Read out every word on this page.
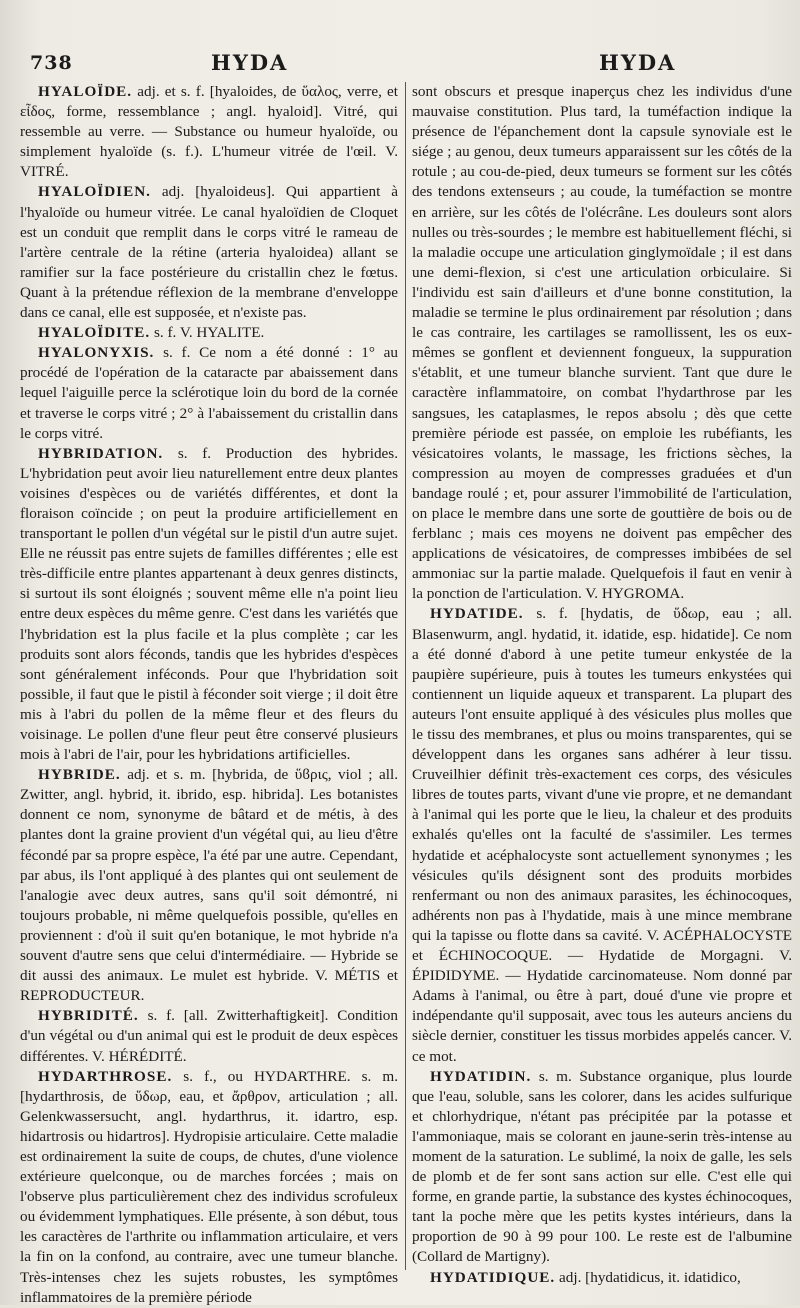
738	HYDA	HYDA

HYALOÏDE. adj. et s. f. [hyaloides, de ὕαλος, verre, et εἶδος, forme, ressemblance ; angl. hyaloid]. Vitré, qui ressemble au verre. — Substance ou humeur hyaloïde, ou simplement hyaloïde (s. f.). L'humeur vitrée de l'œil. V. VITRÉ.

HYALOÏDIEN. adj. [hyaloideus]. Qui appartient à l'hyaloïde ou humeur vitrée. Le canal hyaloïdien de Cloquet est un conduit que remplit dans le corps vitré le rameau de l'artère centrale de la rétine (arteria hyaloidea) allant se ramifier sur la face postérieure du cristallin chez le fœtus. Quant à la prétendue réflexion de la membrane d'enveloppe dans ce canal, elle est supposée, et n'existe pas.

HYALOÏDITE. s. f. V. HYALITE.

HYALONYXIS. s. f. Ce nom a été donné : 1° au procédé de l'opération de la cataracte par abaissement dans lequel l'aiguille perce la sclérotique loin du bord de la cornée et traverse le corps vitré ; 2° à l'abaissement du cristallin dans le corps vitré.

HYBRIDATION. s. f. Production des hybrides. L'hybridation peut avoir lieu naturellement entre deux plantes voisines d'espèces ou de variétés différentes, et dont la floraison coïncide ; on peut la produire artificiellement en transportant le pollen d'un végétal sur le pistil d'un autre sujet. Elle ne réussit pas entre sujets de familles différentes ; elle est très-difficile entre plantes appartenant à deux genres distincts, si surtout ils sont éloignés ; souvent même elle n'a point lieu entre deux espèces du même genre. C'est dans les variétés que l'hybridation est la plus facile et la plus complète ; car les produits sont alors féconds, tandis que les hybrides d'espèces sont généralement inféconds. Pour que l'hybridation soit possible, il faut que le pistil à féconder soit vierge ; il doit être mis à l'abri du pollen de la même fleur et des fleurs du voisinage. Le pollen d'une fleur peut être conservé plusieurs mois à l'abri de l'air, pour les hybridations artificielles.

HYBRIDE. adj. et s. m. [hybrida, de ὕϐρις, viol ; all. Zwitter, angl. hybrid, it. ibrido, esp. hibrida]. Les botanistes donnent ce nom, synonyme de bâtard et de métis, à des plantes dont la graine provient d'un végétal qui, au lieu d'être fécondé par sa propre espèce, l'a été par une autre. Cependant, par abus, ils l'ont appliqué à des plantes qui ont seulement de l'analogie avec deux autres, sans qu'il soit démontré, ni toujours probable, ni même quelquefois possible, qu'elles en proviennent : d'où il suit qu'en botanique, le mot hybride n'a souvent d'autre sens que celui d'intermédiaire. — Hybride se dit aussi des animaux. Le mulet est hybride. V. MÉTIS et REPRODUCTEUR.

HYBRIDITÉ. s. f. [all. Zwitterhaftigkeit]. Condition d'un végétal ou d'un animal qui est le produit de deux espèces différentes. V. HÉRÉDITÉ.

HYDARTHROSE. s. f., ou HYDARTHRE. s. m. [hydarthrosis, de ὕδωρ, eau, et ἄρθρον, articulation ; all. Gelenkwassersucht, angl. hydarthrus, it. idartro, esp. hidartrosis ou hidartros]. Hydropisie articulaire. Cette maladie est ordinairement la suite de coups, de chutes, d'une violence extérieure quelconque, ou de marches forcées ; mais on l'observe plus particulièrement chez des individus scrofuleux ou évidemment lymphatiques. Elle présente, à son début, tous les caractères de l'arthrite ou inflammation articulaire, et vers la fin on la confond, au contraire, avec une tumeur blanche. Très-intenses chez les sujets robustes, les symptômes inflammatoires de la première période

sont obscurs et presque inaperçus chez les individus d'une mauvaise constitution. Plus tard, la tuméfaction indique la présence de l'épanchement dont la capsule synoviale est le siége ; au genou, deux tumeurs apparaissent sur les côtés de la rotule ; au cou-de-pied, deux tumeurs se forment sur les côtés des tendons extenseurs ; au coude, la tuméfaction se montre en arrière, sur les côtés de l'olécrâne. Les douleurs sont alors nulles ou très-sourdes ; le membre est habituellement fléchi, si la maladie occupe une articulation ginglymoïdale ; il est dans une demi-flexion, si c'est une articulation orbiculaire. Si l'individu est sain d'ailleurs et d'une bonne constitution, la maladie se termine le plus ordinairement par résolution ; dans le cas contraire, les cartilages se ramollissent, les os eux-mêmes se gonflent et deviennent fongueux, la suppuration s'établit, et une tumeur blanche survient. Tant que dure le caractère inflammatoire, on combat l'hydarthrose par les sangsues, les cataplasmes, le repos absolu ; dès que cette première période est passée, on emploie les rubéfiants, les vésicatoires volants, le massage, les frictions sèches, la compression au moyen de compresses graduées et d'un bandage roulé ; et, pour assurer l'immobilité de l'articulation, on place le membre dans une sorte de gouttière de bois ou de ferblanc ; mais ces moyens ne doivent pas empêcher des applications de vésicatoires, de compresses imbibées de sel ammoniac sur la partie malade. Quelquefois il faut en venir à la ponction de l'articulation. V. HYGROMA.

HYDATIDE. s. f. [hydatis, de ὕδωρ, eau ; all. Blasenwurm, angl. hydatid, it. idatide, esp. hidatide]. Ce nom a été donné d'abord à une petite tumeur enkystée de la paupière supérieure, puis à toutes les tumeurs enkystées qui contiennent un liquide aqueux et transparent. La plupart des auteurs l'ont ensuite appliqué à des vésicules plus molles que le tissu des membranes, et plus ou moins transparentes, qui se développent dans les organes sans adhérer à leur tissu. Cruveilhier définit très-exactement ces corps, des vésicules libres de toutes parts, vivant d'une vie propre, et ne demandant à l'animal qui les porte que le lieu, la chaleur et des produits exhalés qu'elles ont la faculté de s'assimiler. Les termes hydatide et acéphalocyste sont actuellement synonymes ; les vésicules qu'ils désignent sont des produits morbides renfermant ou non des animaux parasites, les échinocoques, adhérents non pas à l'hydatide, mais à une mince membrane qui la tapisse ou flotte dans sa cavité. V. ACÉPHALOCYSTE et ÉCHINOCOQUE. — Hydatide de Morgagni. V. ÉPIDIDYME. — Hydatide carcinomateuse. Nom donné par Adams à l'animal, ou être à part, doué d'une vie propre et indépendante qu'il supposait, avec tous les auteurs anciens du siècle dernier, constituer les tissus morbides appelés cancer. V. ce mot.

HYDATIDIN. s. m. Substance organique, plus lourde que l'eau, soluble, sans les colorer, dans les acides sulfurique et chlorhydrique, n'étant pas précipitée par la potasse et l'ammoniaque, mais se colorant en jaune-serin très-intense au moment de la saturation. Le sublimé, la noix de galle, les sels de plomb et de fer sont sans action sur elle. C'est elle qui forme, en grande partie, la substance des kystes échinocoques, tant la poche mère que les petits kystes intérieurs, dans la proportion de 90 à 99 pour 100. Le reste est de l'albumine (Collard de Martigny).

HYDATIDIQUE. adj. [hydatidicus, it. idatidico,
